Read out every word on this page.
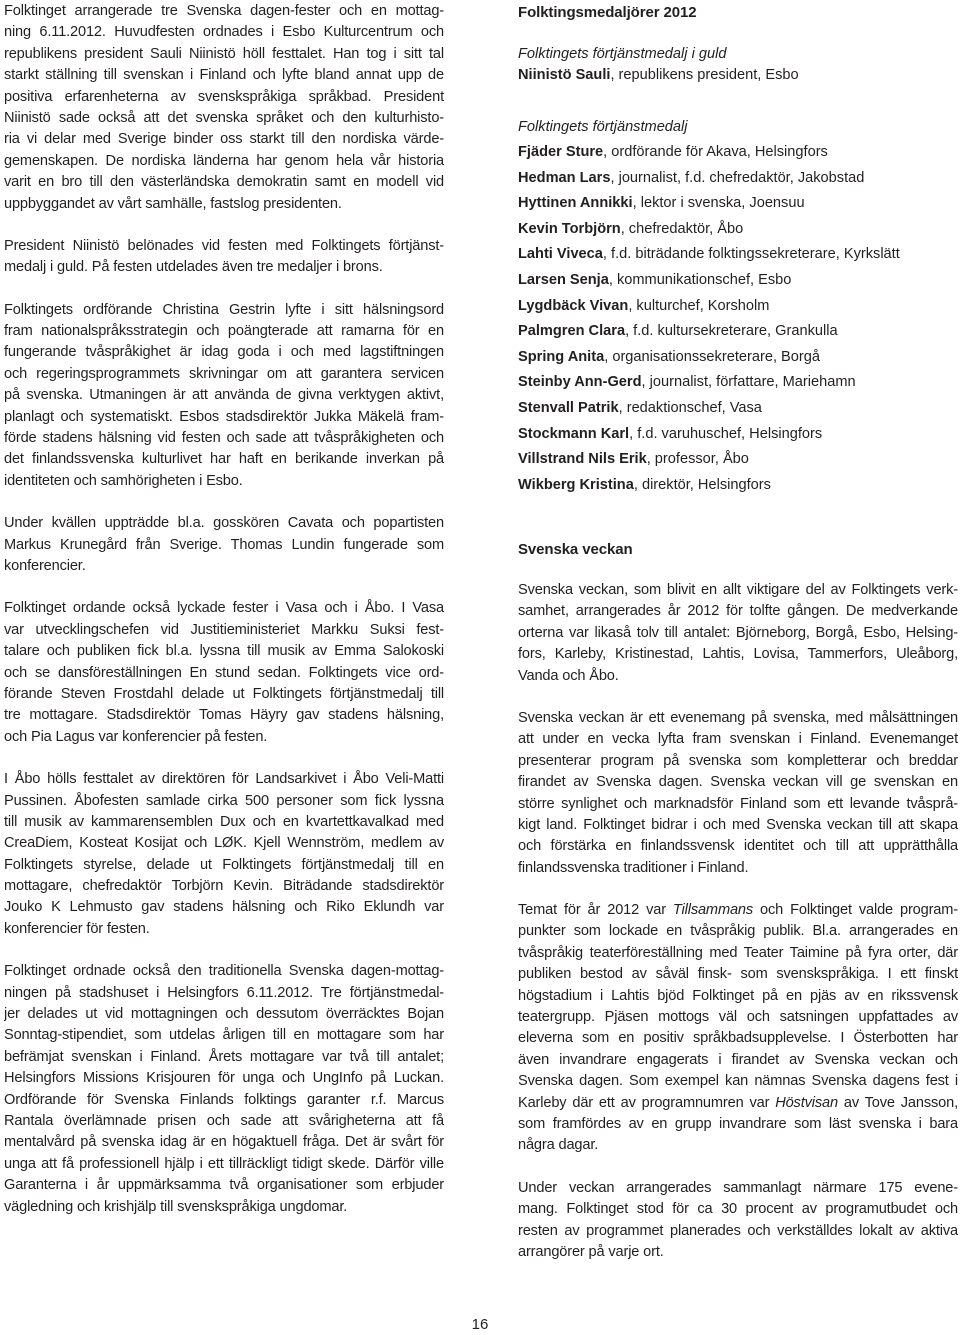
Folktinget arrangerade tre Svenska dagen-fester och en mottag-
ning 6.11.2012. Huvudfesten ordnades i Esbo Kulturcentrum och
republikens president Sauli Niinistö höll festtalet. Han tog i sitt tal
starkt ställning till svenskan i Finland och lyfte bland annat upp de
positiva erfarenheterna av svenskspråkiga språkbad. President
Niinistö sade också att det svenska språket och den kulturhisto-
ria vi delar med Sverige binder oss starkt till den nordiska värde-
gemenskapen. De nordiska länderna har genom hela vår historia
varit en bro till den västerländska demokratin samt en modell vid
uppbyggandet av vårt samhälle, fastslog presidenten.
President Niinistö belönades vid festen med Folktingets förtjänst-
medalj i guld. På festen utdelades även tre medaljer i brons.
Folktingets ordförande Christina Gestrin lyfte i sitt hälsningsord
fram nationalspråksstrategin och poängterade att ramarna för en
fungerande tvåspråkighet är idag goda i och med lagstiftningen
och regeringsprogrammets skrivningar om att garantera servicen
på svenska. Utmaningen är att använda de givna verktygen aktivt,
planlagt och systematiskt. Esbos stadsdirektör Jukka Mäkelä fram-
förde stadens hälsning vid festen och sade att tvåspråkigheten och
det finlandssvenska kulturlivet har haft en berikande inverkan på
identiteten och samhörigheten i Esbo.
Under kvällen uppträdde bl.a. gosskören Cavata och popartisten
Markus Krunegård från Sverige. Thomas Lundin fungerade som
konferencier.
Folktinget ordande också lyckade fester i Vasa och i Åbo. I Vasa
var utvecklingschefen vid Justitieministeriet Markku Suksi fest-
talare och publiken fick bl.a. lyssna till musik av Emma Salokoski
och se dansföreställningen En stund sedan. Folktingets vice ord-
förande Steven Frostdahl delade ut Folktingets förtjänstmedalj till
tre mottagare. Stadsdirektör Tomas Häyry gav stadens hälsning,
och Pia Lagus var konferencier på festen.
I Åbo hölls festtalet av direktören för Landsarkivet i Åbo Veli-Matti
Pussinen. Åbofesten samlade cirka 500 personer som fick lyssna
till musik av kammarensemblen Dux och en kvartettkavalkad med
CreaDiem, Kosteat Kosijat och LØK. Kjell Wennström, medlem av
Folktingets styrelse, delade ut Folktingets förtjänstmedalj till en
mottagare, chefredaktör Torbjörn Kevin. Biträdande stadsdirektör
Jouko K Lehmusto gav stadens hälsning och Riko Eklundh var
konferencier för festen.
Folktinget ordnade också den traditionella Svenska dagen-mottag-
ningen på stadshuset i Helsingfors 6.11.2012. Tre förtjänstmedal-
jer delades ut vid mottagningen och dessutom överräcktes Bojan
Sonntag-stipendiet, som utdelas årligen till en mottagare som har
befrämjat svenskan i Finland. Årets mottagare var två till antalet;
Helsingfors Missions Krisjouren för unga och UngInfo på Luckan.
Ordförande för Svenska Finlands folktings garanter r.f. Marcus
Rantala överlämnade prisen och sade att svårigheterna att få
mentalvård på svenska idag är en högaktuell fråga. Det är svårt för
unga att få professionell hjälp i ett tillräckligt tidigt skede. Därför ville
Garanterna i år uppmärksamma två organisationer som erbjuder
vägledning och krishjälp till svenskspråkiga ungdomar.
Folktingsmedaljörer 2012
Folktingets förtjänstmedalj i guld
Niinistö Sauli, republikens president, Esbo
Folktingets förtjänstmedalj
Fjäder Sture, ordförande för Akava, Helsingfors
Hedman Lars, journalist, f.d. chefredaktör, Jakobstad
Hyttinen Annikki, lektor i svenska, Joensuu
Kevin Torbjörn, chefredaktör, Åbo
Lahti Viveca, f.d. biträdande folktingssekreterare, Kyrkslätt
Larsen Senja, kommunikationschef, Esbo
Lygdbäck Vivan, kulturchef, Korsholm
Palmgren Clara, f.d. kultursekreterare, Grankulla
Spring Anita, organisationssekreterare, Borgå
Steinby Ann-Gerd, journalist, författare, Mariehamn
Stenvall Patrik, redaktionschef, Vasa
Stockmann Karl, f.d. varuhuschef, Helsingfors
Villstrand Nils Erik, professor, Åbo
Wikberg Kristina, direktör, Helsingfors
Svenska veckan
Svenska veckan, som blivit en allt viktigare del av Folktingets verk-
samhet, arrangerades år 2012 för tolfte gången. De medverkande
orterna var likaså tolv till antalet: Björneborg, Borgå, Esbo, Helsing-
fors, Karleby, Kristinestad, Lahtis, Lovisa, Tammerfors, Uleåborg,
Vanda och Åbo.
Svenska veckan är ett evenemang på svenska, med målsättningen
att under en vecka lyfta fram svenskan i Finland. Evenemanget
presenterar program på svenska som kompletterar och breddar
firandet av Svenska dagen. Svenska veckan vill ge svenskan en
större synlighet och marknadsför Finland som ett levande tvåsprå-
kigt land. Folktinget bidrar i och med Svenska veckan till att skapa
och förstärka en finlandssvensk identitet och till att upprätthålla
finlandssvenska traditioner i Finland.
Temat för år 2012 var Tillsammans och Folktinget valde program-
punkter som lockade en tvåspråkig publik. Bl.a. arrangerades en
tvåspråkig teaterföreställning med Teater Taimine på fyra orter, där
publiken bestod av såväl finsk- som svenskspråkiga. I ett finskt
högstadium i Lahtis bjöd Folktinget på en pjäs av en rikssvensk
teatergrupp. Pjäsen mottogs väl och satsningen uppfattades av
eleverna som en positiv språkbadsupplevelse. I Österbotten har
även invandrare engagerats i firandet av Svenska veckan och
Svenska dagen. Som exempel kan nämnas Svenska dagens fest i
Karleby där ett av programnumren var Höstvisan av Tove Jansson,
som framfördes av en grupp invandrare som läst svenska i bara
några dagar.
Under veckan arrangerades sammanlagt närmare 175 evene-
mang. Folktinget stod för ca 30 procent av programutbudet och
resten av programmet planerades och verkställdes lokalt av aktiva
arrangörer på varje ort.
16
